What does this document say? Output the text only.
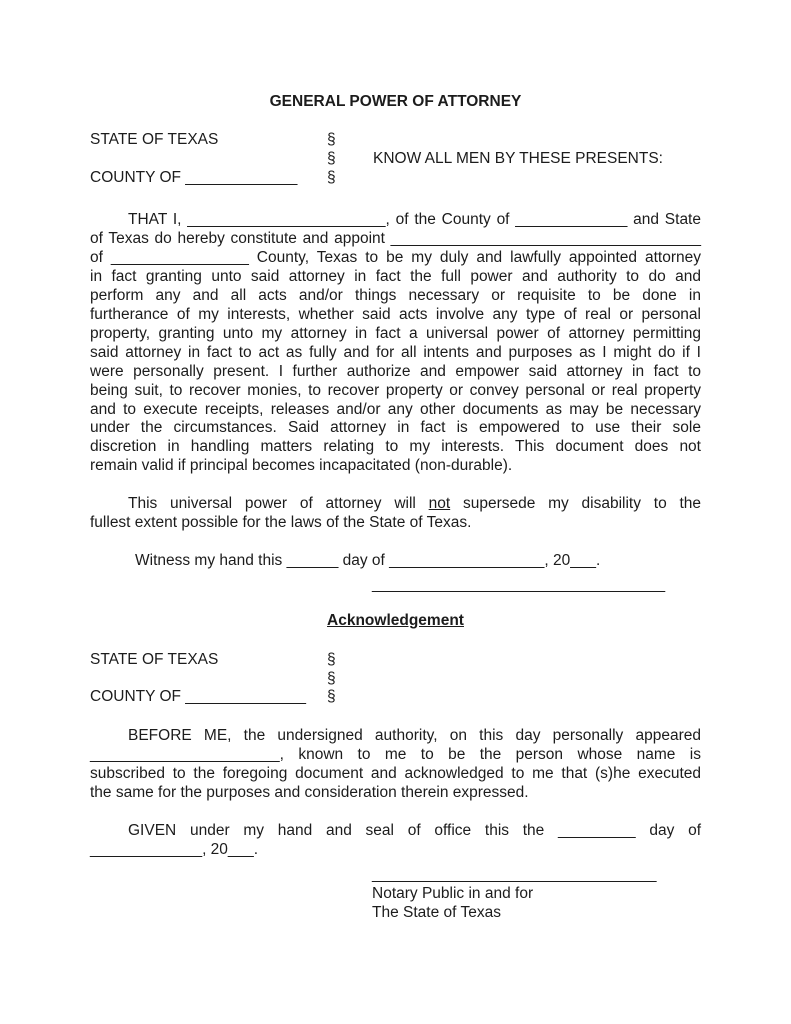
GENERAL POWER OF ATTORNEY
STATE OF TEXAS	§
§ KNOW ALL MEN BY THESE PRESENTS:
COUNTY OF _____________ §
THAT I, _______________________, of the County of _____________ and State
of Texas do hereby constitute and appoint ____________________________________
of ________________ County, Texas to be my duly and lawfully appointed attorney
in fact granting unto said attorney in fact the full power and authority to do and
perform any and all acts and/or things necessary or requisite to be done in
furtherance of my interests, whether said acts involve any type of real or personal
property, granting unto my attorney in fact a universal power of attorney permitting
said attorney in fact to act as fully and for all intents and purposes as I might do if I
were personally present. I further authorize and empower said attorney in fact to
being suit, to recover monies, to recover property or convey personal or real property
and to execute receipts, releases and/or any other documents as may be necessary
under the circumstances. Said attorney in fact is empowered to use their sole
discretion in handling matters relating to my interests. This document does not
remain valid if principal becomes incapacitated (non-durable).
This universal power of attorney will not supersede my disability to the
fullest extent possible for the laws of the State of Texas.
Witness my hand this ______ day of __________________, 20___.
__________________________________
Acknowledgement
STATE OF TEXAS	§
§
COUNTY OF ______________ §
BEFORE ME, the undersigned authority, on this day personally appeared
______________________, known to me to be the person whose name is
subscribed to the foregoing document and acknowledged to me that (s)he executed
the same for the purposes and consideration therein expressed.
GIVEN under my hand and seal of office this the _________ day of
_____________, 20___.
_________________________________
Notary Public in and for
The State of Texas
